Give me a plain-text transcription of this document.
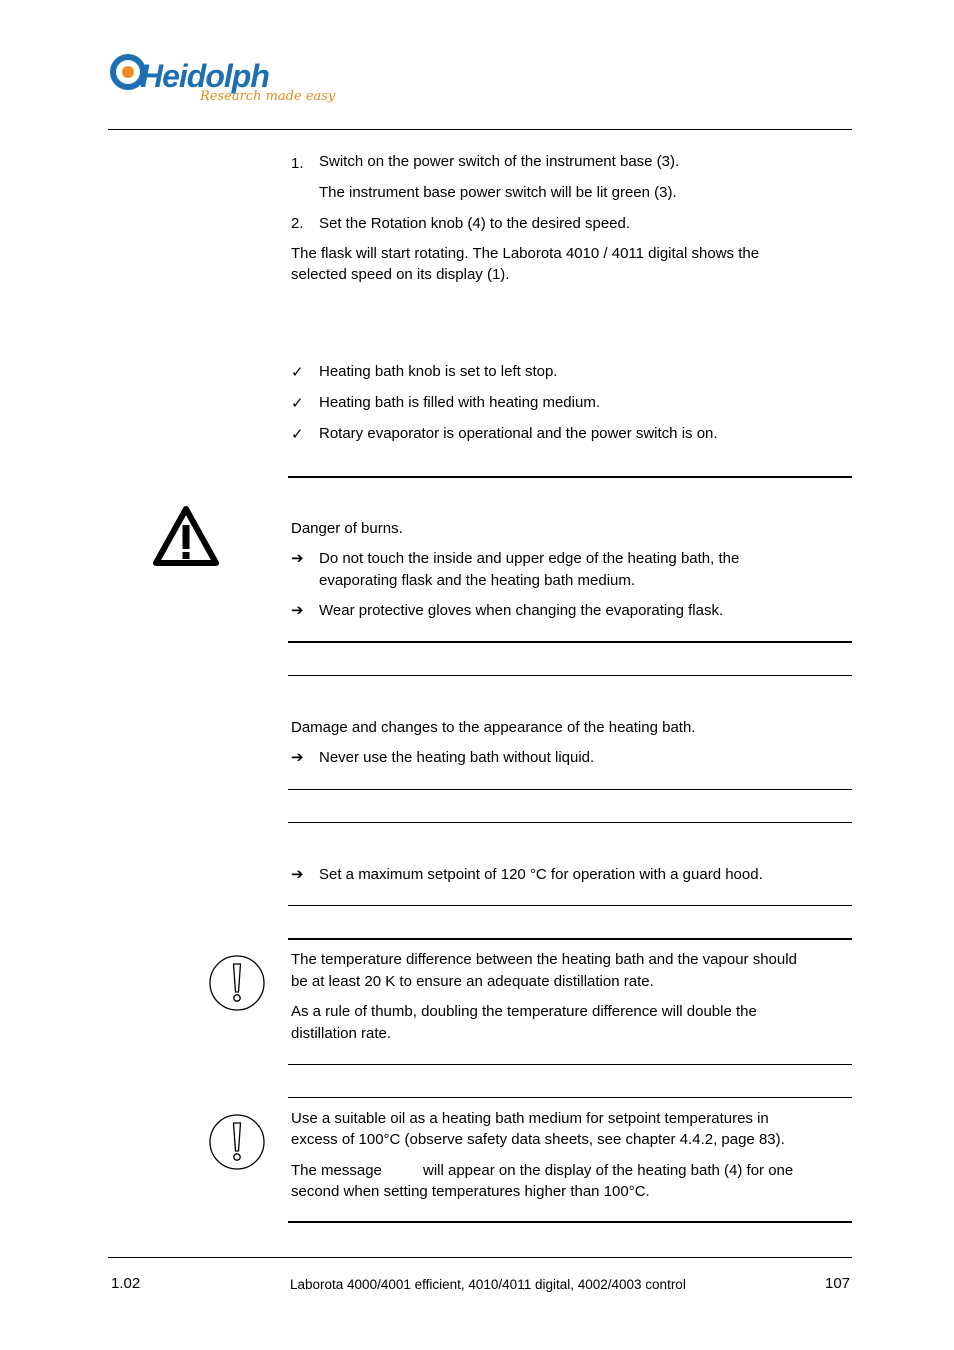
Heidolph
Research made easy
1.	Switch on the power switch of the instrument base (3).
The instrument base power switch will be lit green (3).
2.	Set the Rotation knob (4) to the desired speed.
The flask will start rotating. The Laborota 4010 / 4011 digital shows the
selected speed on its display (1).
✓	Heating bath knob is set to left stop.
✓	Heating bath is filled with heating medium.
✓	Rotary evaporator is operational and the power switch is on.
Danger of burns.
➔	Do not touch the inside and upper edge of the heating bath, the
evaporating flask and the heating bath medium.
➔	Wear protective gloves when changing the evaporating flask.
Damage and changes to the appearance of the heating bath.
➔	Never use the heating bath without liquid.
➔	Set a maximum setpoint of 120 °C for operation with a guard hood.
The temperature difference between the heating bath and the vapour should
be at least 20 K to ensure an adequate distillation rate.
As a rule of thumb, doubling the temperature difference will double the
distillation rate.
Use a suitable oil as a heating bath medium for setpoint temperatures in
excess of 100°C (observe safety data sheets, see chapter 4.4.2, page 83).
The message	will appear on the display of the heating bath (4) for one
second when setting temperatures higher than 100°C.
1.02	Laborota 4000/4001 efficient, 4010/4011 digital, 4002/4003 control	107
